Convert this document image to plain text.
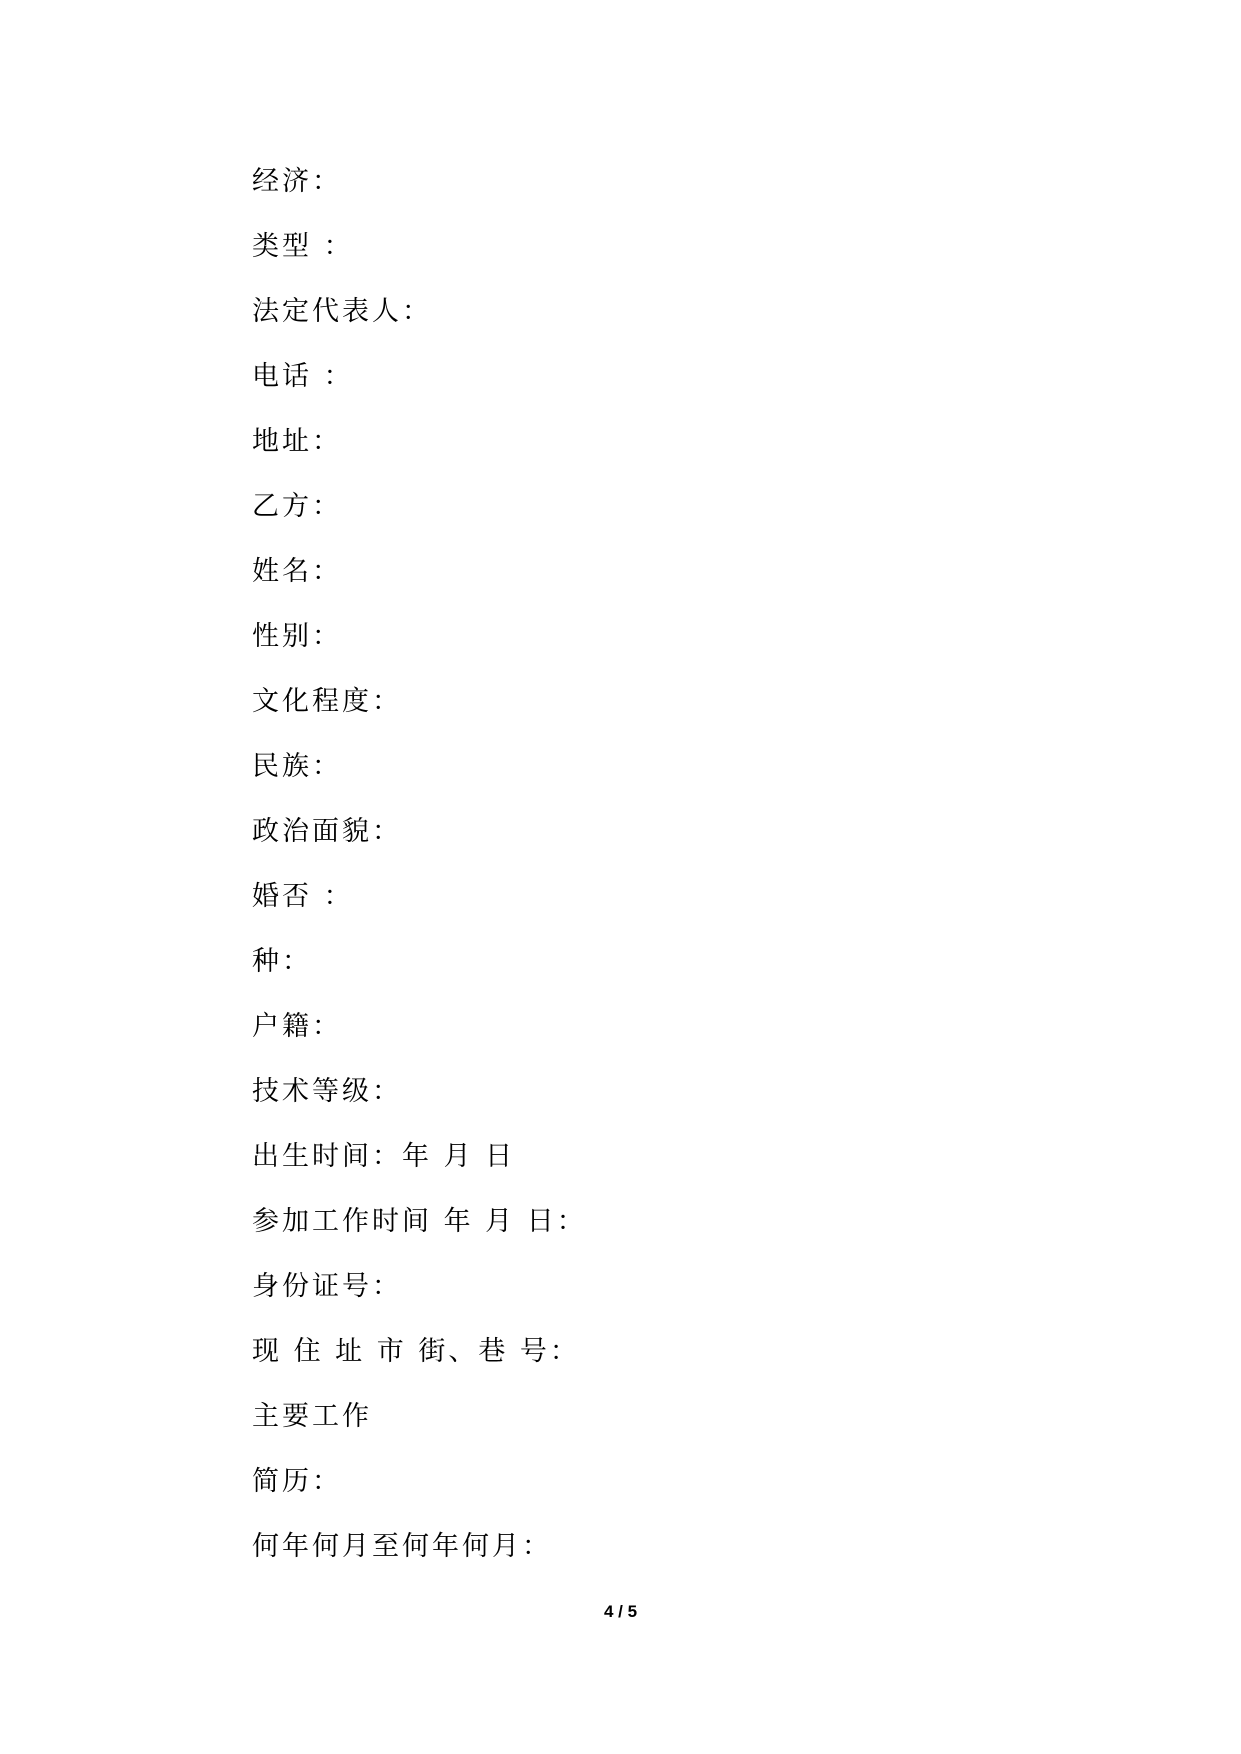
经济：
类型 ：
法定代表人：
电话 ：
地址：
乙方：
姓名：
性别：
文化程度：
民族：
政治面貌：
婚否 ：
种：
户籍：
技术等级：
出生时间：年 月 日
参加工作时间 年 月 日：
身份证号：
现 住 址 市 街、巷 号：
主要工作
简历：
何年何月至何年何月：
4 / 5
